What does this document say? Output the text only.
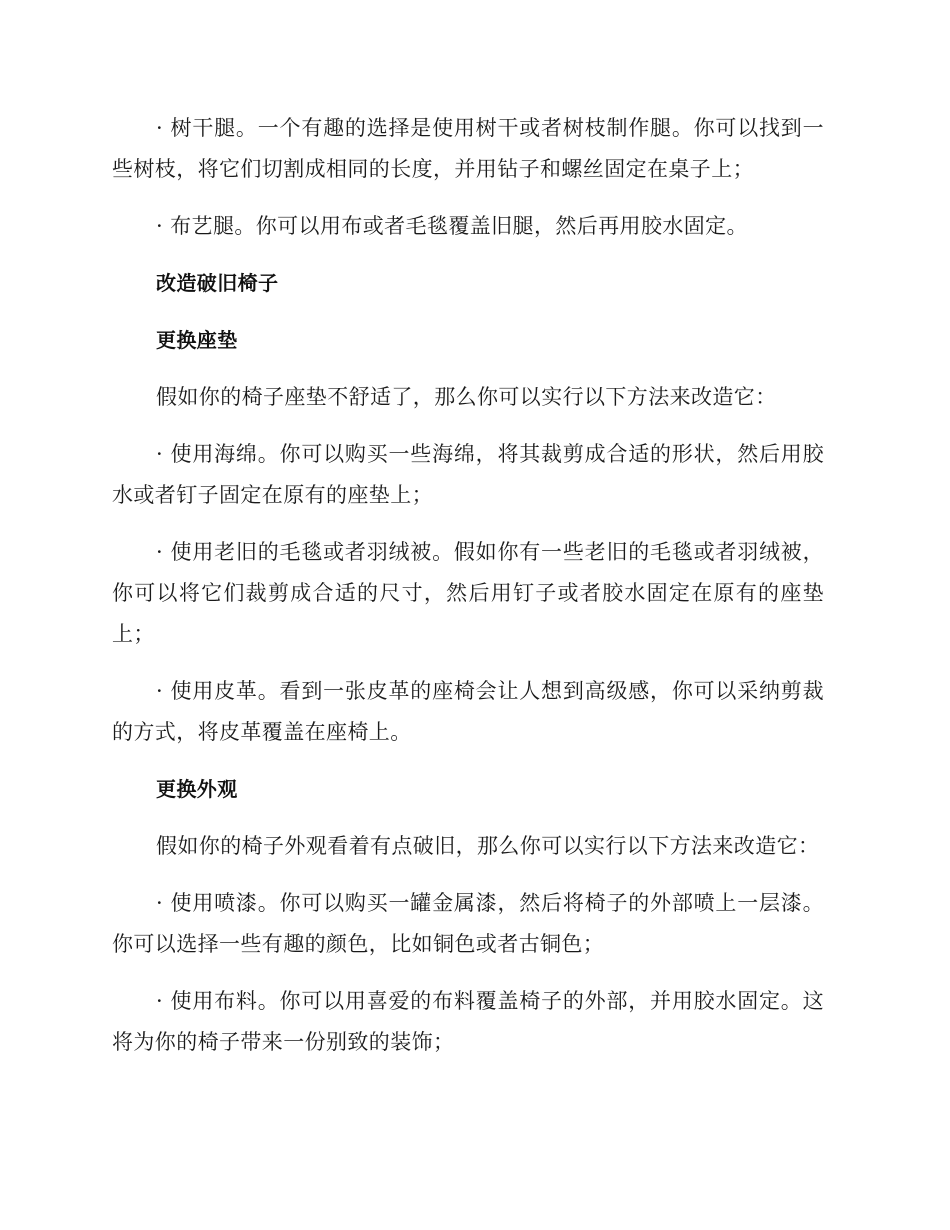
· 树干腿。一个有趣的选择是使用树干或者树枝制作腿。你可以找到一些树枝，将它们切割成相同的长度，并用钻子和螺丝固定在桌子上；

· 布艺腿。你可以用布或者毛毯覆盖旧腿，然后再用胶水固定。

改造破旧椅子

更换座垫

假如你的椅子座垫不舒适了，那么你可以实行以下方法来改造它：

· 使用海绵。你可以购买一些海绵，将其裁剪成合适的形状，然后用胶水或者钉子固定在原有的座垫上；

· 使用老旧的毛毯或者羽绒被。假如你有一些老旧的毛毯或者羽绒被，你可以将它们裁剪成合适的尺寸，然后用钉子或者胶水固定在原有的座垫上；

· 使用皮革。看到一张皮革的座椅会让人想到高级感，你可以采纳剪裁的方式，将皮革覆盖在座椅上。

更换外观

假如你的椅子外观看着有点破旧，那么你可以实行以下方法来改造它：

· 使用喷漆。你可以购买一罐金属漆，然后将椅子的外部喷上一层漆。你可以选择一些有趣的颜色，比如铜色或者古铜色；

· 使用布料。你可以用喜爱的布料覆盖椅子的外部，并用胶水固定。这将为你的椅子带来一份别致的装饰；
